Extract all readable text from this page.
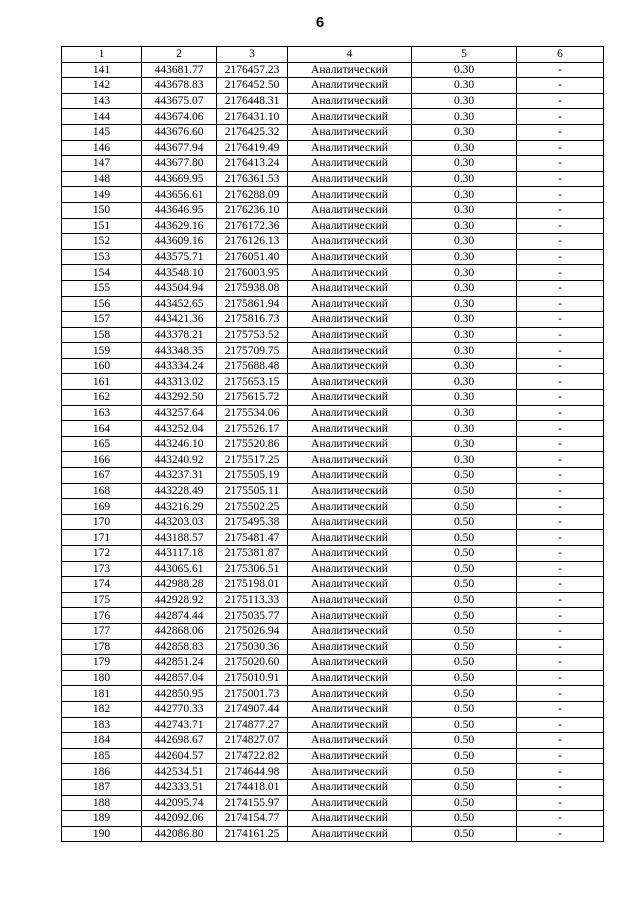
6
1	2	3	4	5	6
141	443681.77	2176457.23	Аналитический	0.30	-
142	443678.83	2176452.50	Аналитический	0.30	-
143	443675.07	2176448.31	Аналитический	0.30	-
144	443674.06	2176431.10	Аналитический	0.30	-
145	443676.60	2176425.32	Аналитический	0.30	-
146	443677.94	2176419.49	Аналитический	0.30	-
147	443677.80	2176413.24	Аналитический	0.30	-
148	443669.95	2176361.53	Аналитический	0.30	-
149	443656.61	2176288.09	Аналитический	0.30	-
150	443646.95	2176236.10	Аналитический	0.30	-
151	443629.16	2176172.36	Аналитический	0.30	-
152	443609.16	2176126.13	Аналитический	0.30	-
153	443575.71	2176051.40	Аналитический	0.30	-
154	443548.10	2176003.95	Аналитический	0.30	-
155	443504.94	2175938.08	Аналитический	0.30	-
156	443452.65	2175861.94	Аналитический	0.30	-
157	443421.36	2175816.73	Аналитический	0.30	-
158	443378.21	2175753.52	Аналитический	0.30	-
159	443348.35	2175709.75	Аналитический	0.30	-
160	443334.24	2175688.48	Аналитический	0.30	-
161	443313.02	2175653.15	Аналитический	0.30	-
162	443292.50	2175615.72	Аналитический	0.30	-
163	443257.64	2175534.06	Аналитический	0.30	-
164	443252.04	2175526.17	Аналитический	0.30	-
165	443246.10	2175520.86	Аналитический	0.30	-
166	443240.92	2175517.25	Аналитический	0.30	-
167	443237.31	2175505.19	Аналитический	0.50	-
168	443228.49	2175505.11	Аналитический	0.50	-
169	443216.29	2175502.25	Аналитический	0.50	-
170	443203.03	2175495.38	Аналитический	0.50	-
171	443188.57	2175481.47	Аналитический	0.50	-
172	443117.18	2175381.87	Аналитический	0.50	-
173	443065.61	2175306.51	Аналитический	0.50	-
174	442988.28	2175198.01	Аналитический	0.50	-
175	442928.92	2175113.33	Аналитический	0.50	-
176	442874.44	2175035.77	Аналитический	0.50	-
177	442868.06	2175026.94	Аналитический	0.50	-
178	442858.83	2175030.36	Аналитический	0.50	-
179	442851.24	2175020.60	Аналитический	0.50	-
180	442857.04	2175010.91	Аналитический	0.50	-
181	442850.95	2175001.73	Аналитический	0.50	-
182	442770.33	2174907.44	Аналитический	0.50	-
183	442743.71	2174877.27	Аналитический	0.50	-
184	442698.67	2174827.07	Аналитический	0.50	-
185	442604.57	2174722.82	Аналитический	0.50	-
186	442534.51	2174644.98	Аналитический	0.50	-
187	442333.51	2174418.01	Аналитический	0.50	-
188	442095.74	2174155.97	Аналитический	0.50	-
189	442092.06	2174154.77	Аналитический	0.50	-
190	442086.80	2174161.25	Аналитический	0.50	-
